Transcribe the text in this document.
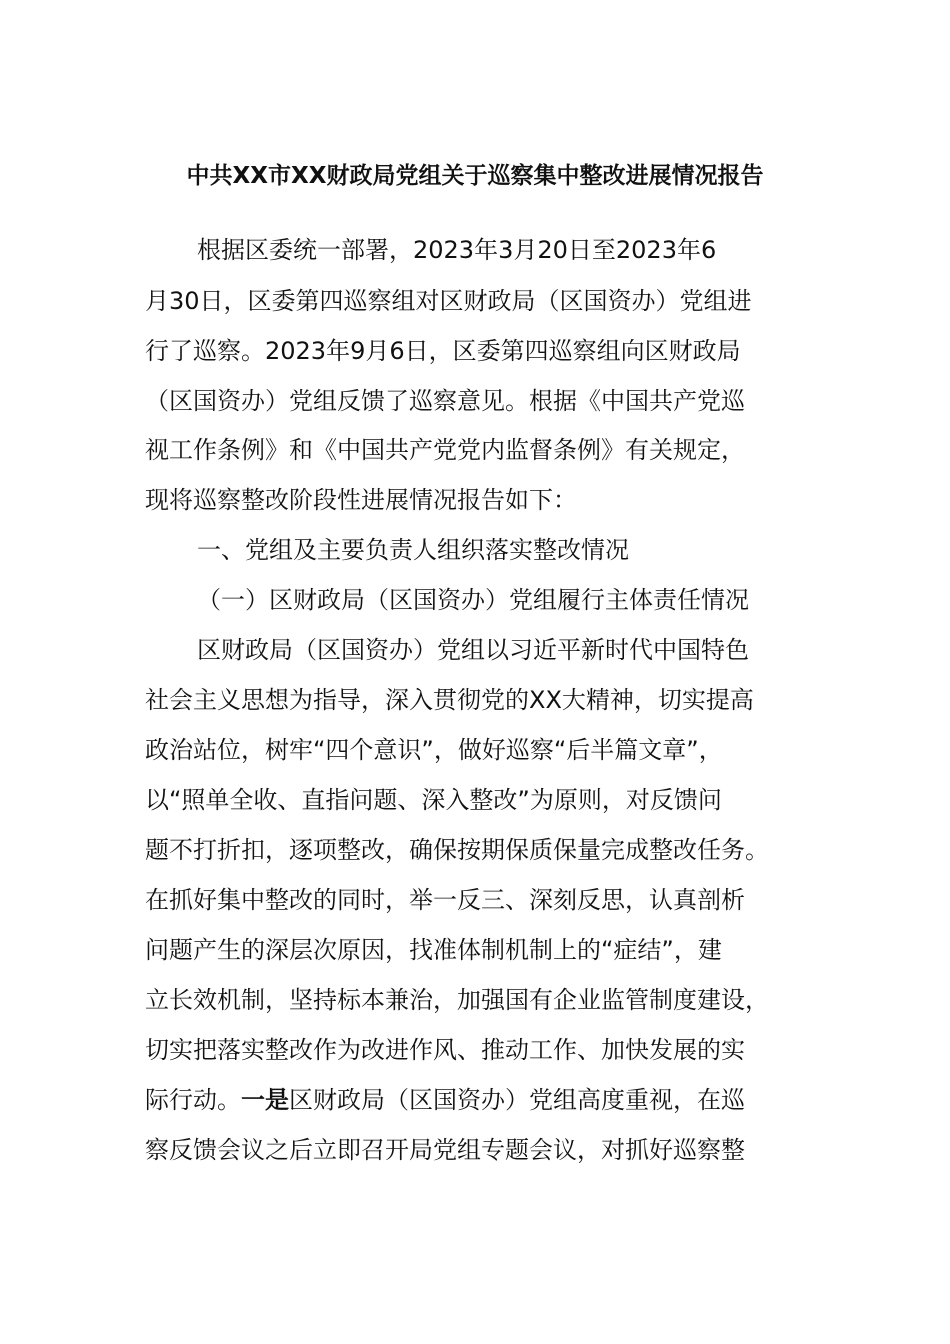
中共XX市XX财政局党组关于巡察集中整改进展情况报告
根据区委统一部署，2023年3月20日至2023年6
月30日，区委第四巡察组对区财政局（区国资办）党组进
行了巡察。2023年9月6日，区委第四巡察组向区财政局
（区国资办）党组反馈了巡察意见。根据《中国共产党巡
视工作条例》和《中国共产党党内监督条例》有关规定，
现将巡察整改阶段性进展情况报告如下：
一、党组及主要负责人组织落实整改情况
（一）区财政局（区国资办）党组履行主体责任情况
区财政局（区国资办）党组以习近平新时代中国特色
社会主义思想为指导，深入贯彻党的XX大精神，切实提高
政治站位，树牢“四个意识”，做好巡察“后半篇文章”，
以“照单全收、直指问题、深入整改”为原则，对反馈问
题不打折扣，逐项整改，确保按期保质保量完成整改任务。
在抓好集中整改的同时，举一反三、深刻反思，认真剖析
问题产生的深层次原因，找准体制机制上的“症结”，建
立长效机制，坚持标本兼治，加强国有企业监管制度建设，
切实把落实整改作为改进作风、推动工作、加快发展的实
际行动。一是区财政局（区国资办）党组高度重视，在巡
察反馈会议之后立即召开局党组专题会议，对抓好巡察整
